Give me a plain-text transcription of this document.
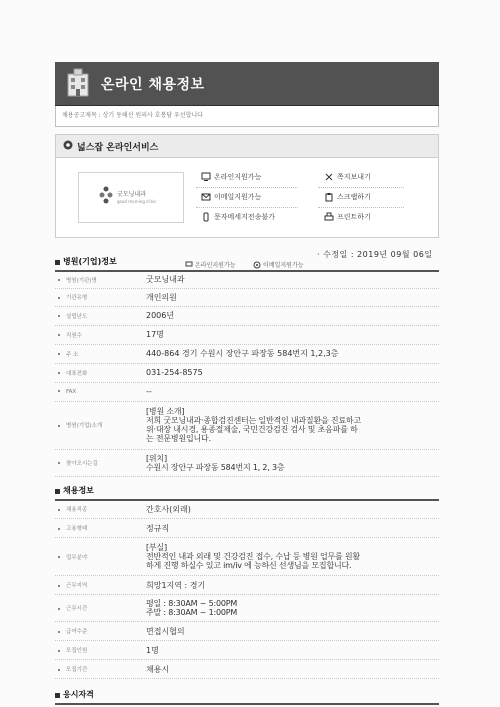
온라인 채용정보
채용공고제목 : 상기 동해선 원의사 호봉담 우선합니다
넓스잡 온라인서비스
굿모닝내과
good morning clinic
온라인지원가능
이메일지원가능
문자메세지전송불가
쪽지보내기
스크랩하기
프린트하기
병원(기업)정보	온라인지원가능	이메일지원가능
· 수정일 : 2019년 09월 06일
병원(기관)명	굿모닝내과
기관유형	개인의원
설립년도	2006년
직원수	17명
주 소	440-864 경기 수원시 장안구 파장동 584번지 1,2,3층
대표전화	031-254-8575
FAX	--
병원(기업)소개	[병원 소개]
저희 굿모닝내과·종합검진센터는 일반적인 내과질환을 진료하고
위·대장 내시경, 용종절제술, 국민건강검진 검사 및 초음파를 하
는 전문병원입니다.
찾아오시는길	[위치]
수원시 장안구 파장동 584번지 1, 2, 3층
채용정보
채용직종	간호사(외래)
고용형태	정규직
업무분야	[부실]
전반적인 내과 외래 및 건강검진 접수, 수납 등 병원 업무를 원활
하게 진행 하실수 있고 im/iv 에 능하신 선생님을 모집합니다.
근무지역	희망1지역 : 경기
근무시간	평일 : 8:30AM ~ 5:00PM
주말 : 8:30AM ~ 1:00PM
급여수준	면접시협의
모집인원	1명
모집기간	채용시
응시자격
